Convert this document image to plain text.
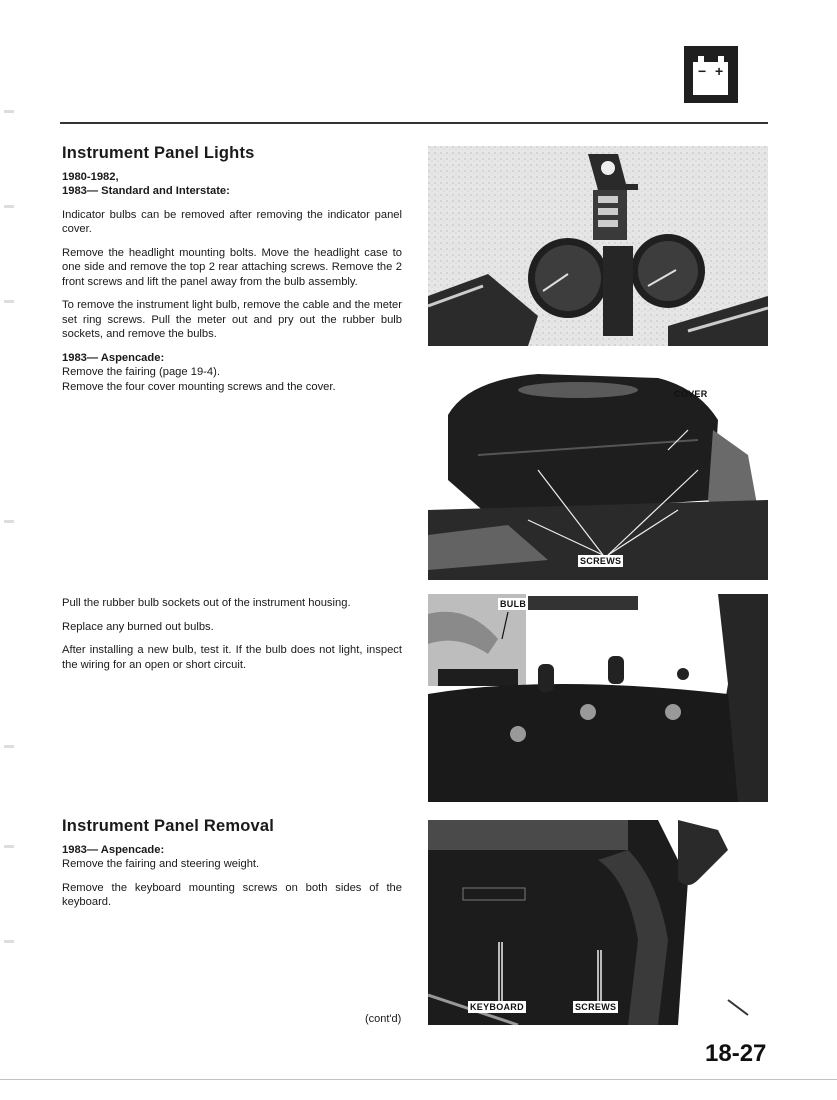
− +
Instrument Panel Lights

1980-1982,

1983— Standard and Interstate:

Indicator bulbs can be removed after removing the indicator panel cover.

Remove the headlight mounting bolts. Move the headlight case to one side and remove the top 2 rear attaching screws. Remove the 2 front screws and lift the panel away from the bulb assembly.

To remove the instrument light bulb, remove the cable and the meter set ring screws. Pull the meter out and pry out the rubber bulb sockets, and remove the bulbs.

1983— Aspencade:

Remove the fairing (page 19-4).

Remove the four cover mounting screws and the cover.

Pull the rubber bulb sockets out of the instrument housing.

Replace any burned out bulbs.

After installing a new bulb, test it. If the bulb does not light, inspect the wiring for an open or short circuit.

Instrument Panel Removal

1983— Aspencade:

Remove the fairing and steering weight.

Remove the keyboard mounting screws on both sides of the keyboard.

COVER
SCREWS
BULB
KEYBOARD	SCREWS
(cont'd)
18-27
